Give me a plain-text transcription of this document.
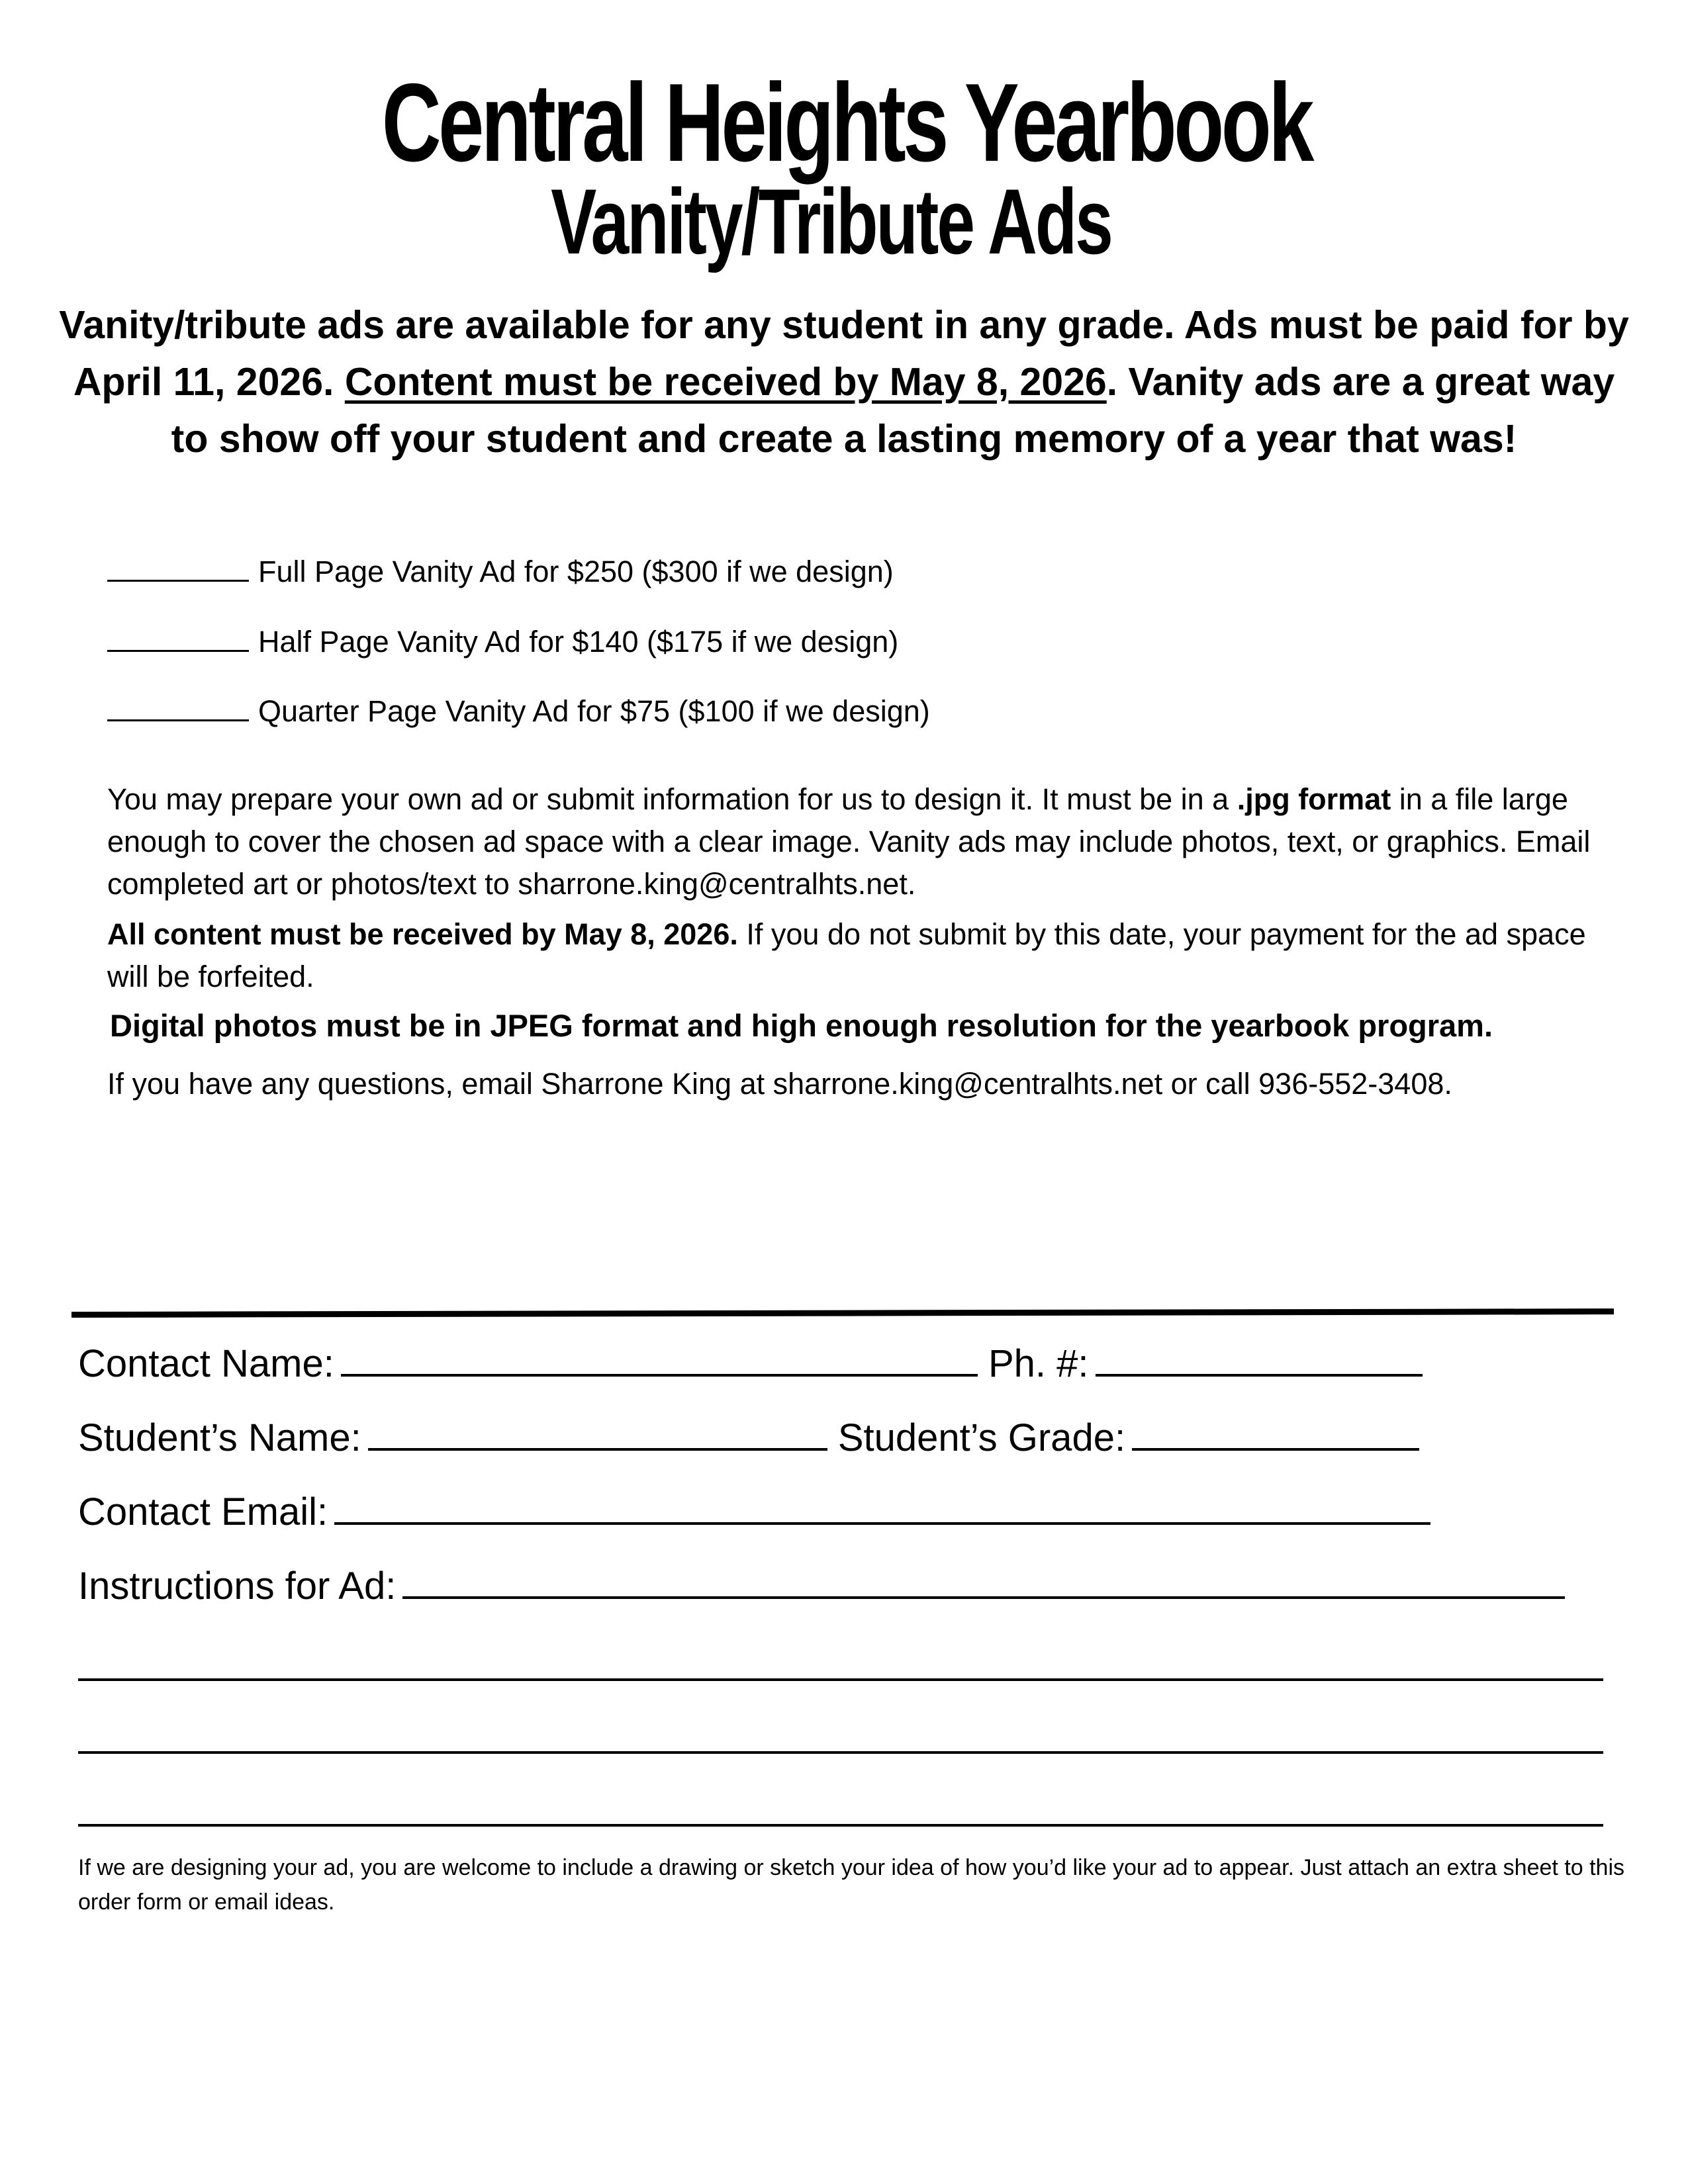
Central Heights Yearbook
Vanity/Tribute Ads
Vanity/tribute ads are available for any student in any grade. Ads must be paid for by April 11, 2026. Content must be received by May 8, 2026. Vanity ads are a great way to show off your student and create a lasting memory of a year that was!
Full Page Vanity Ad for $250 ($300 if we design)
Half Page Vanity Ad for $140 ($175 if we design)
Quarter Page Vanity Ad for $75 ($100 if we design)
You may prepare your own ad or submit information for us to design it. It must be in a .jpg format in a file large enough to cover the chosen ad space with a clear image. Vanity ads may include photos, text, or graphics. Email completed art or photos/text to sharrone.king@centralhts.net.
All content must be received by May 8, 2026. If you do not submit by this date, your payment for the ad space will be forfeited.
Digital photos must be in JPEG format and high enough resolution for the yearbook program.
If you have any questions, email Sharrone King at sharrone.king@centralhts.net or call 936-552-3408.
Contact Name:	Ph. #:
Student’s Name:	Student’s Grade:
Contact Email:
Instructions for Ad:
If we are designing your ad, you are welcome to include a drawing or sketch your idea of how you’d like your ad to appear. Just attach an extra sheet to this order form or email ideas.
